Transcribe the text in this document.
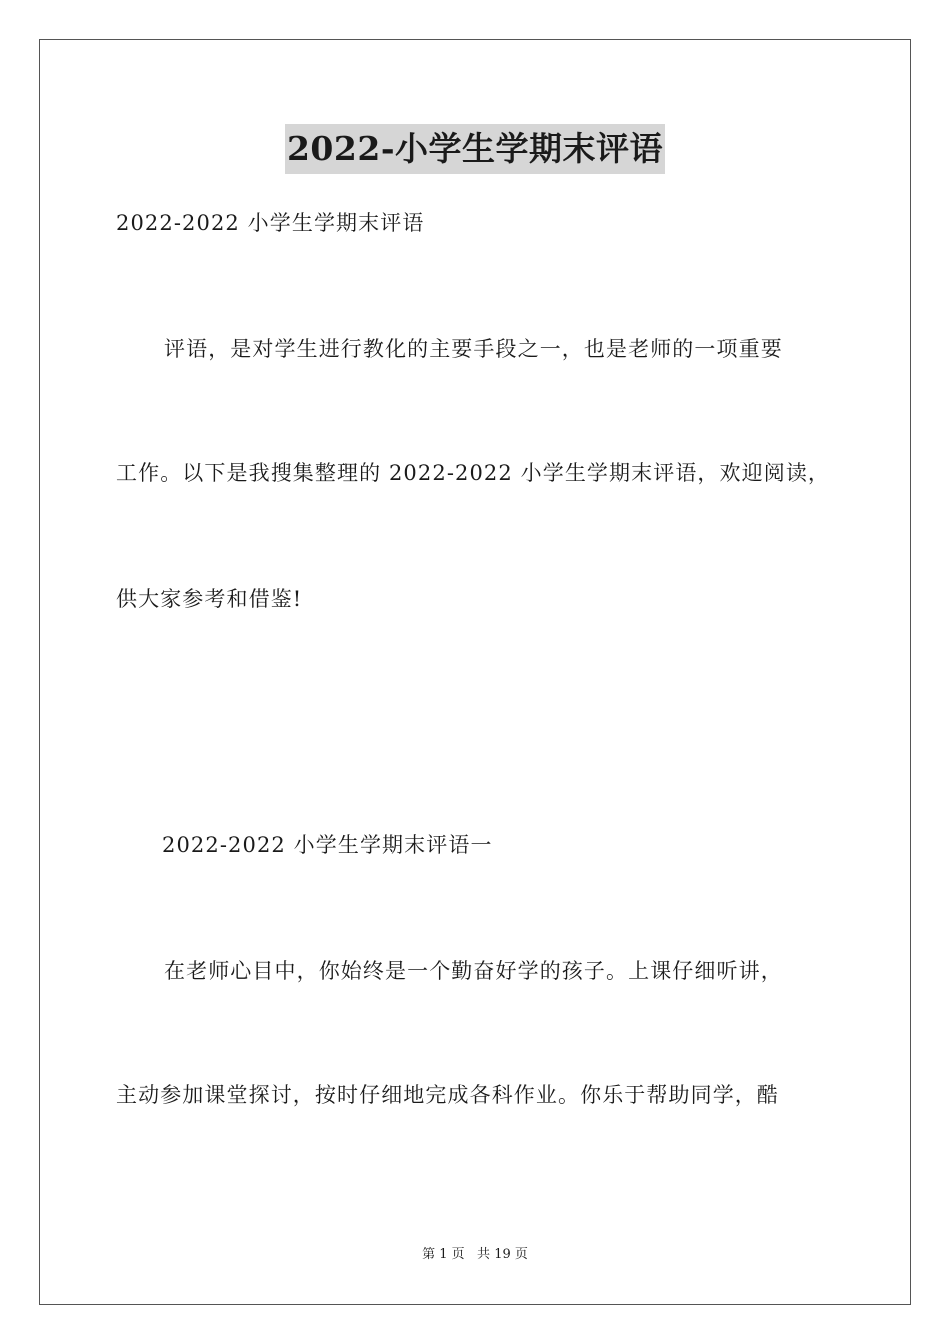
2022-小学生学期末评语
2022-2022 小学生学期末评语
评语，是对学生进行教化的主要手段之一，也是老师的一项重要
工作。以下是我搜集整理的 2022-2022 小学生学期末评语，欢迎阅读，
供大家参考和借鉴!
2022-2022 小学生学期末评语一
在老师心目中，你始终是一个勤奋好学的孩子。上课仔细听讲，
主动参加课堂探讨，按时仔细地完成各科作业。你乐于帮助同学，酷
第 1 页   共 19 页
